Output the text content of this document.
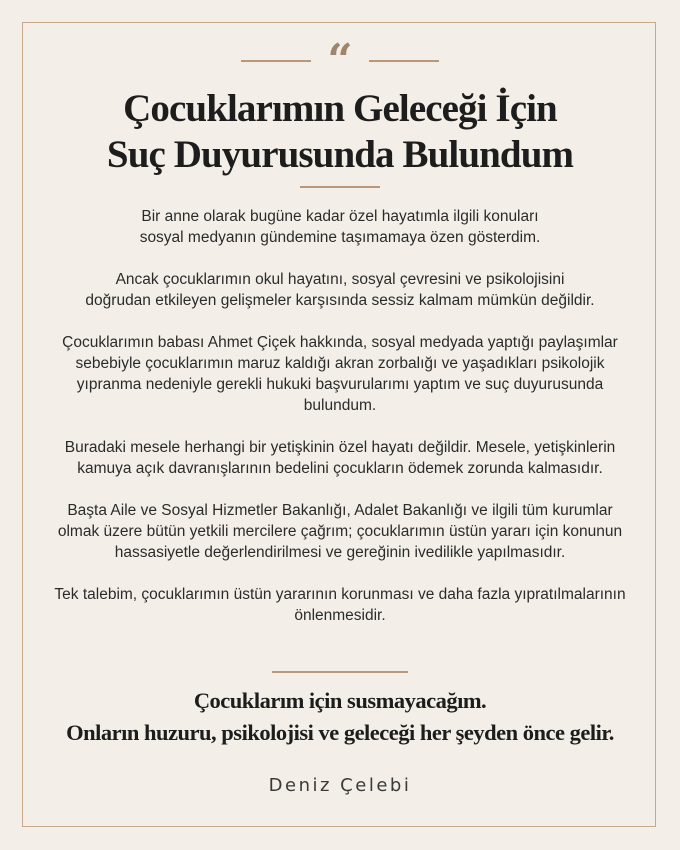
“
Çocuklarımın Geleceği İçin
Suç Duyurusunda Bulundum
Bir anne olarak bugüne kadar özel hayatımla ilgili konuları
sosyal medyanın gündemine taşımamaya özen gösterdim.
Ancak çocuklarımın okul hayatını, sosyal çevresini ve psikolojisini
doğrudan etkileyen gelişmeler karşısında sessiz kalmam mümkün değildir.
Çocuklarımın babası Ahmet Çiçek hakkında, sosyal medyada yaptığı paylaşımlar
sebebiyle çocuklarımın maruz kaldığı akran zorbalığı ve yaşadıkları psikolojik
yıpranma nedeniyle gerekli hukuki başvurularımı yaptım ve suç duyurusunda
bulundum.
Buradaki mesele herhangi bir yetişkinin özel hayatı değildir. Mesele, yetişkinlerin
kamuya açık davranışlarının bedelini çocukların ödemek zorunda kalmasıdır.
Başta Aile ve Sosyal Hizmetler Bakanlığı, Adalet Bakanlığı ve ilgili tüm kurumlar
olmak üzere bütün yetkili mercilere çağrım; çocuklarımın üstün yararı için konunun
hassasiyetle değerlendirilmesi ve gereğinin ivedilikle yapılmasıdır.
Tek talebim, çocuklarımın üstün yararının korunması ve daha fazla yıpratılmalarının
önlenmesidir.
Çocuklarım için susmayacağım.
Onların huzuru, psikolojisi ve geleceği her şeyden önce gelir.
Deniz Çelebi
